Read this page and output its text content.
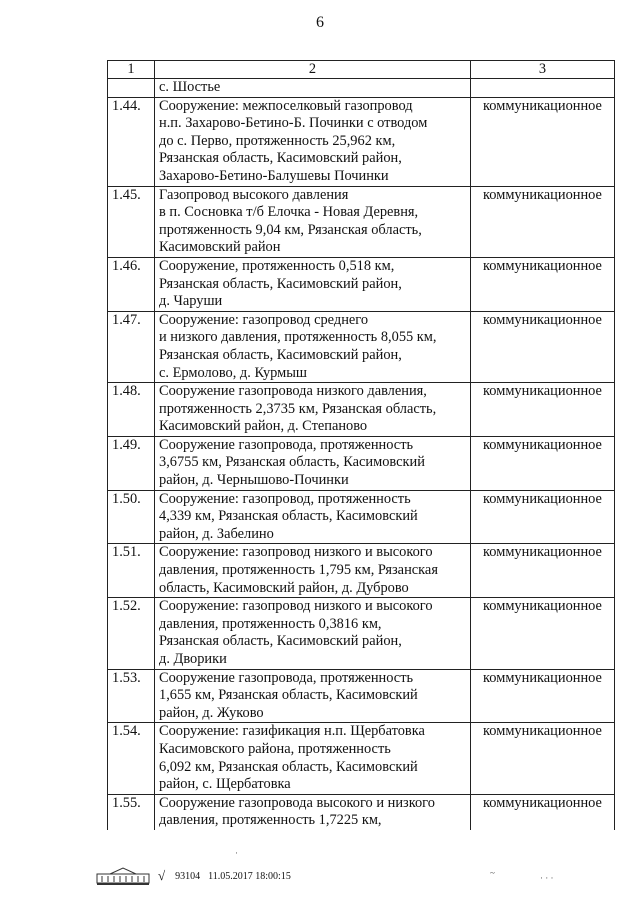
6
1	2	3
	с. Шостье	
1.44.	Сооружение: межпоселковый газопровод
н.п. Захарово-Бетино-Б. Починки с отводом
до с. Перво, протяженность 25,962 км,
Рязанская область, Касимовский район,
Захарово-Бетино-Балушевы Починки	коммуникационное
1.45.	Газопровод высокого давления
в п. Сосновка т/б Елочка - Новая Деревня,
протяженность 9,04 км, Рязанская область,
Касимовский район	коммуникационное
1.46.	Сооружение, протяженность 0,518 км,
Рязанская область, Касимовский район,
д. Чаруши	коммуникационное
1.47.	Сооружение: газопровод среднего
и низкого давления, протяженность 8,055 км,
Рязанская область, Касимовский район,
с. Ермолово, д. Курмыш	коммуникационное
1.48.	Сооружение газопровода низкого давления,
протяженность 2,3735 км, Рязанская область,
Касимовский район, д. Степаново	коммуникационное
1.49.	Сооружение газопровода, протяженность
3,6755 км, Рязанская область, Касимовский
район, д. Чернышово-Починки	коммуникационное
1.50.	Сооружение: газопровод, протяженность
4,339 км, Рязанская область, Касимовский
район, д. Забелино	коммуникационное
1.51.	Сооружение: газопровод низкого и высокого
давления, протяженность 1,795 км, Рязанская
область, Касимовский район, д. Дуброво	коммуникационное
1.52.	Сооружение: газопровод низкого и высокого
давления, протяженность 0,3816 км,
Рязанская область, Касимовский район,
д. Дворики	коммуникационное
1.53.	Сооружение газопровода, протяженность
1,655 км, Рязанская область, Касимовский
район, д. Жуково	коммуникационное
1.54.	Сооружение: газификация н.п. Щербатовка
Касимовского района, протяженность
6,092 км, Рязанская область, Касимовский
район, с. Щербатовка	коммуникационное
1.55.	Сооружение газопровода высокого и низкого
давления, протяженность 1,7225 км,	коммуникационное
√ 93104 11.05.2017 18:00:15
·
~	· · ·
